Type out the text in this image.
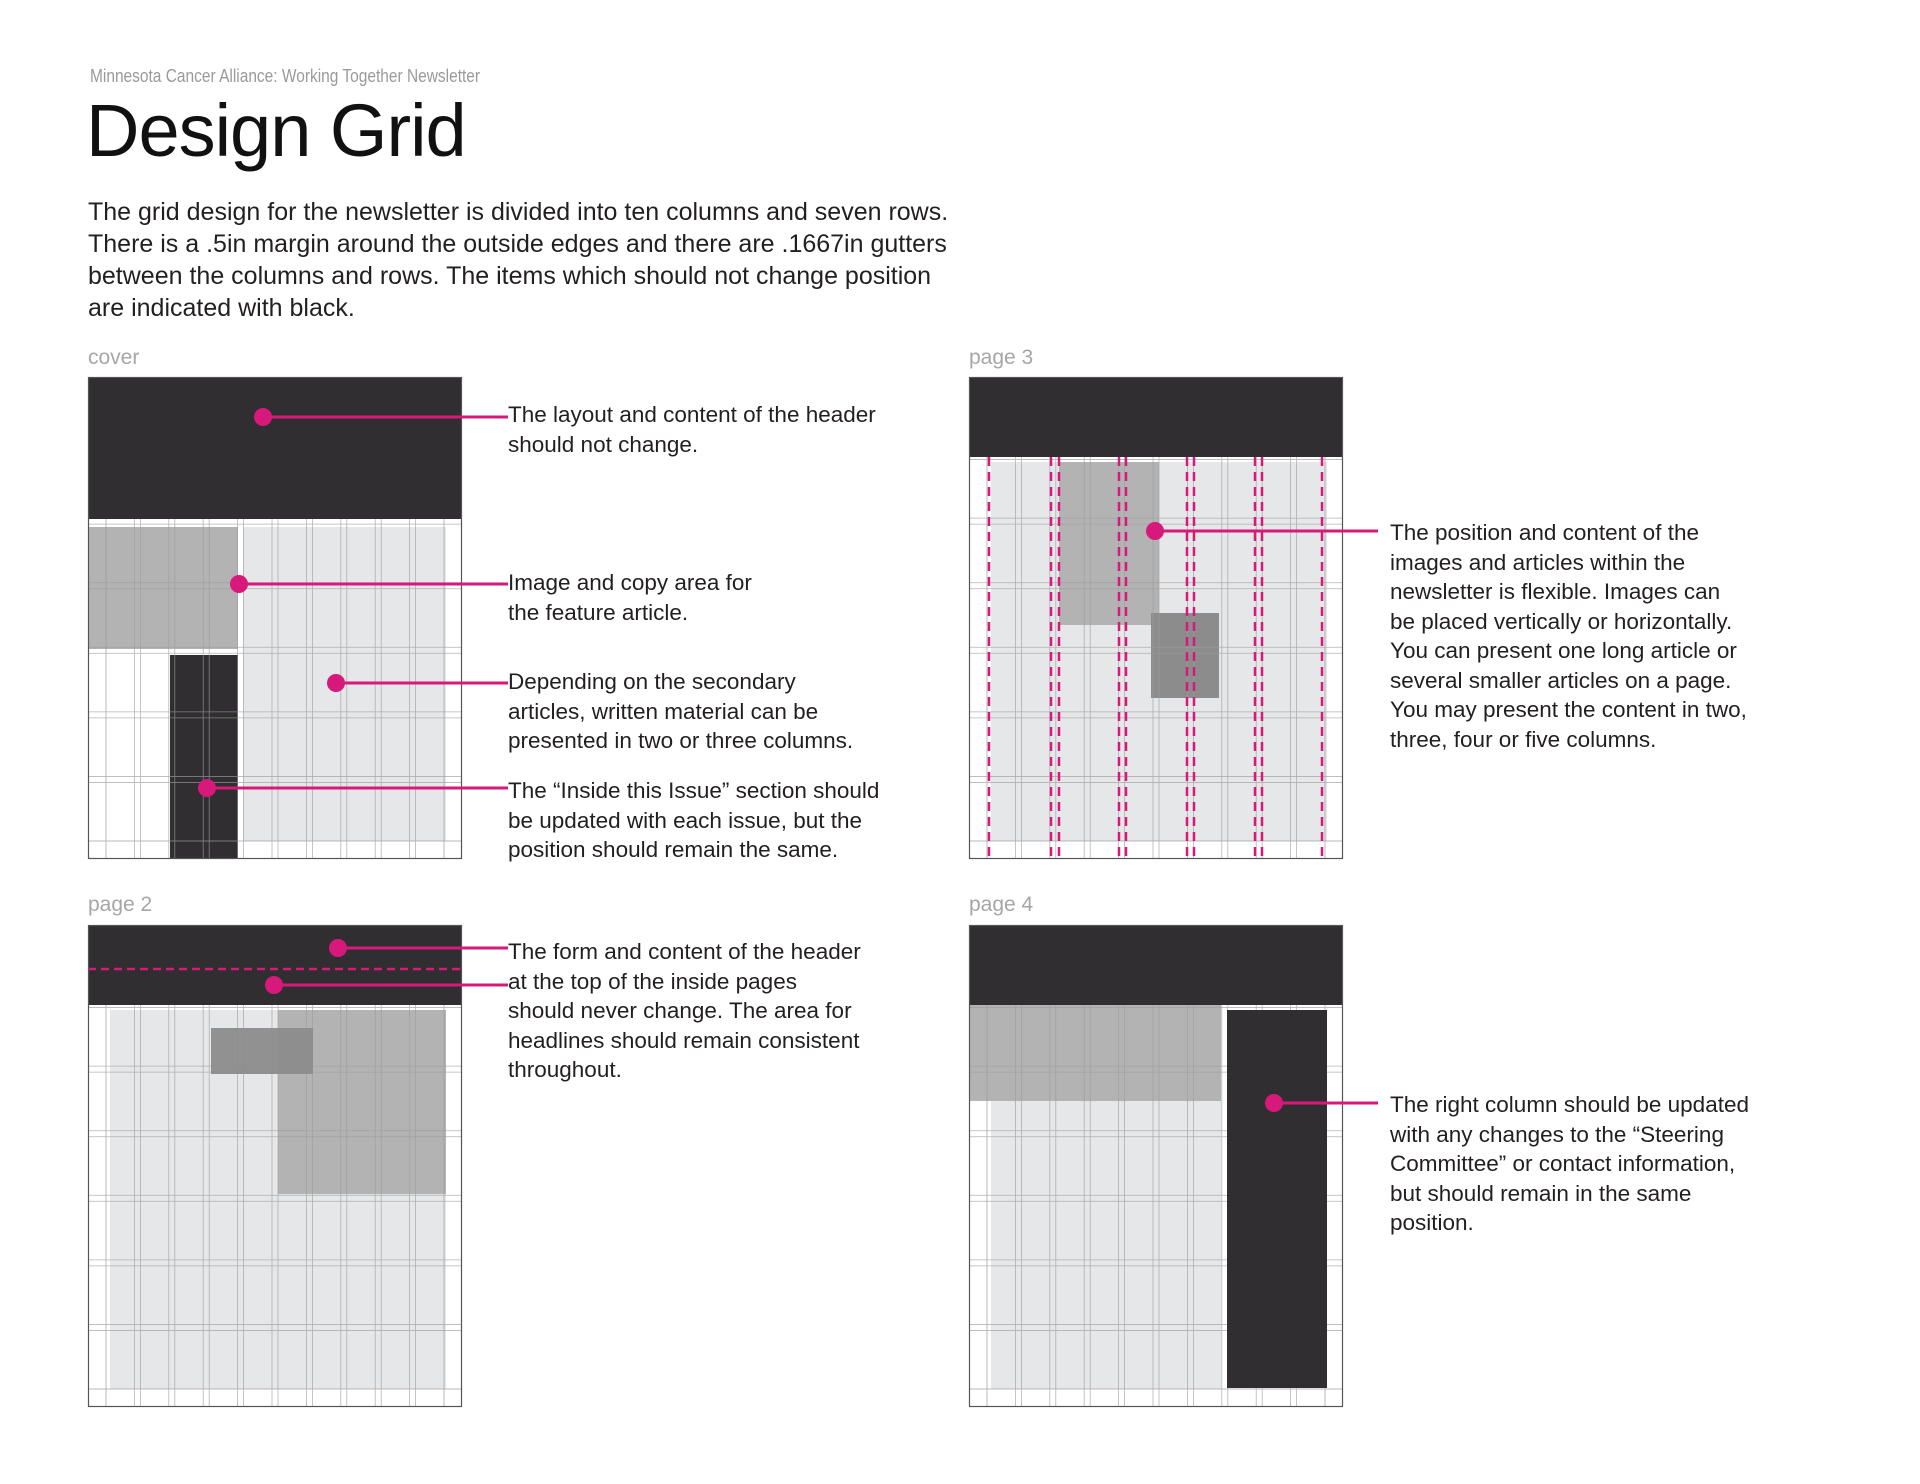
Minnesota Cancer Alliance: Working Together Newsletter
Design Grid
The grid design for the newsletter is divided into ten columns and seven rows.
There is a .5in margin around the outside edges and there are .1667in gutters
between the columns and rows. The items which should not change position
are indicated with black.
cover	page 3
page 2	page 4
The layout and content of the header
should not change.
Image and copy area for
the feature article.
Depending on the secondary
articles, written material can be
presented in two or three columns.
The “Inside this Issue” section should
be updated with each issue, but the
position should remain the same.
The form and content of the header
at the top of the inside pages
should never change. The area for
headlines should remain consistent
throughout.
The position and content of the
images and articles within the
newsletter is flexible. Images can
be placed vertically or horizontally.
You can present one long article or
several smaller articles on a page.
You may present the content in two,
three, four or five columns.
The right column should be updated
with any changes to the “Steering
Committee” or contact information,
but should remain in the same
position.
